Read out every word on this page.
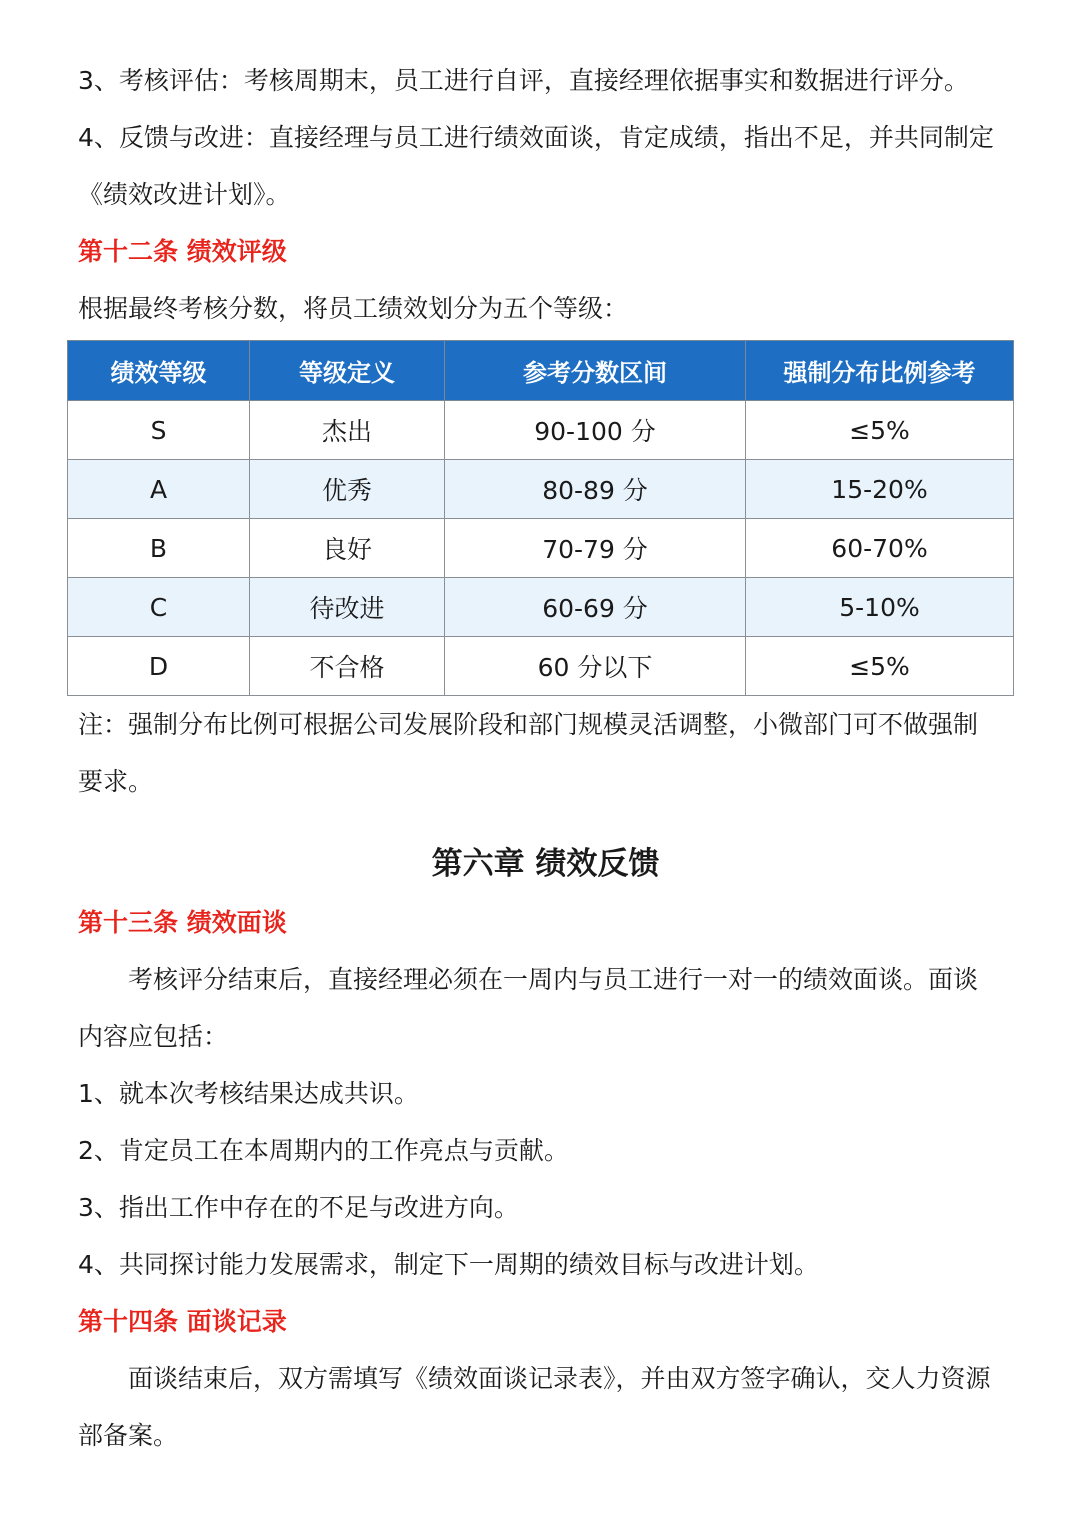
3、考核评估：考核周期末，员工进行自评，直接经理依据事实和数据进行评分。
4、反馈与改进：直接经理与员工进行绩效面谈，肯定成绩，指出不足，并共同制定
《绩效改进计划》。
第十二条 绩效评级
根据最终考核分数，将员工绩效划分为五个等级：
绩效等级	等级定义	参考分数区间	强制分布比例参考
S	杰出	90-100 分	≤5%
A	优秀	80-89 分	15-20%
B	良好	70-79 分	60-70%
C	待改进	60-69 分	5-10%
D	不合格	60 分以下	≤5%
注：强制分布比例可根据公司发展阶段和部门规模灵活调整，小微部门可不做强制
要求。
第六章 绩效反馈
第十三条 绩效面谈
考核评分结束后，直接经理必须在一周内与员工进行一对一的绩效面谈。面谈
内容应包括：
1、就本次考核结果达成共识。
2、肯定员工在本周期内的工作亮点与贡献。
3、指出工作中存在的不足与改进方向。
4、共同探讨能力发展需求，制定下一周期的绩效目标与改进计划。
第十四条 面谈记录
面谈结束后，双方需填写《绩效面谈记录表》，并由双方签字确认，交人力资源
部备案。
